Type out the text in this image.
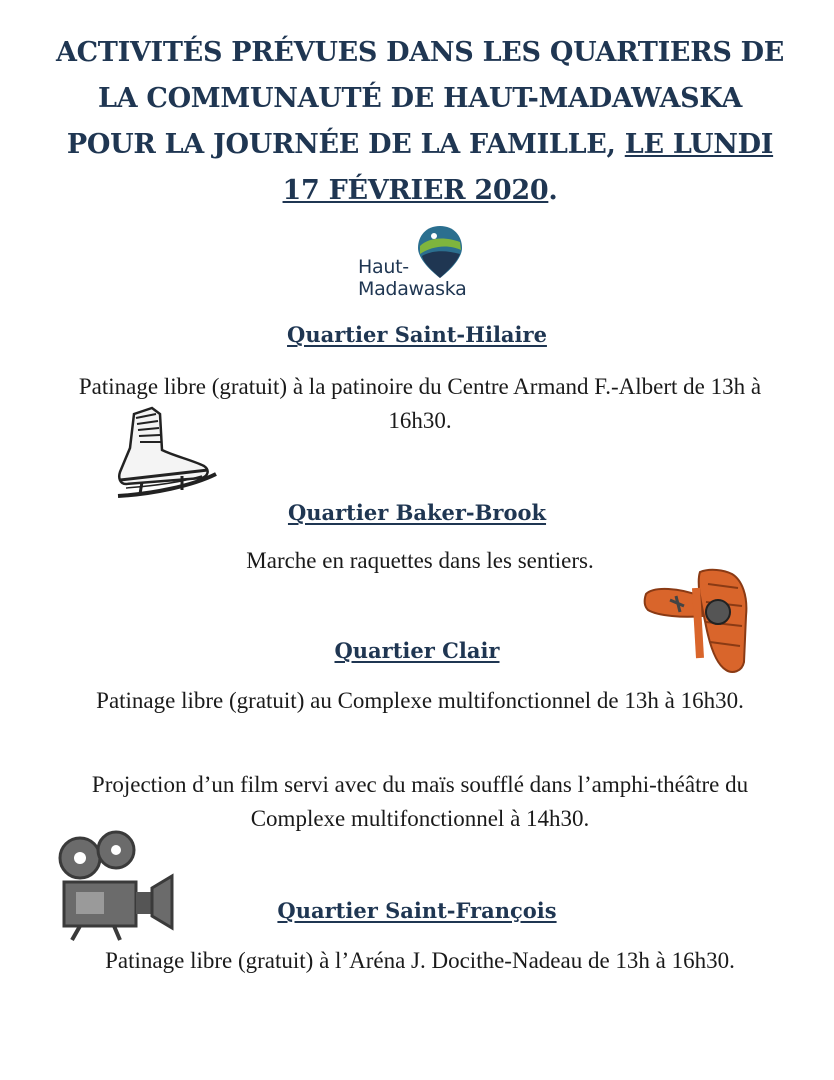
ACTIVITÉS PRÉVUES DANS LES QUARTIERS DE
LA COMMUNAUTÉ DE HAUT-MADAWASKA
POUR LA JOURNÉE DE LA FAMILLE, LE LUNDI
17 FÉVRIER 2020.
Haut-
Madawaska
Quartier Saint-Hilaire
Patinage libre (gratuit) à la patinoire du Centre Armand F.-Albert de 13h à 16h30.
Quartier Baker-Brook
Marche en raquettes dans les sentiers.
Quartier Clair
Patinage libre (gratuit) au Complexe multifonctionnel de 13h à 16h30.
Projection d’un film servi avec du maïs soufflé dans l’amphi-théâtre du Complexe multifonctionnel à 14h30.
Quartier Saint-François
Patinage libre (gratuit) à l’Aréna J. Docithe-Nadeau de 13h à 16h30.
